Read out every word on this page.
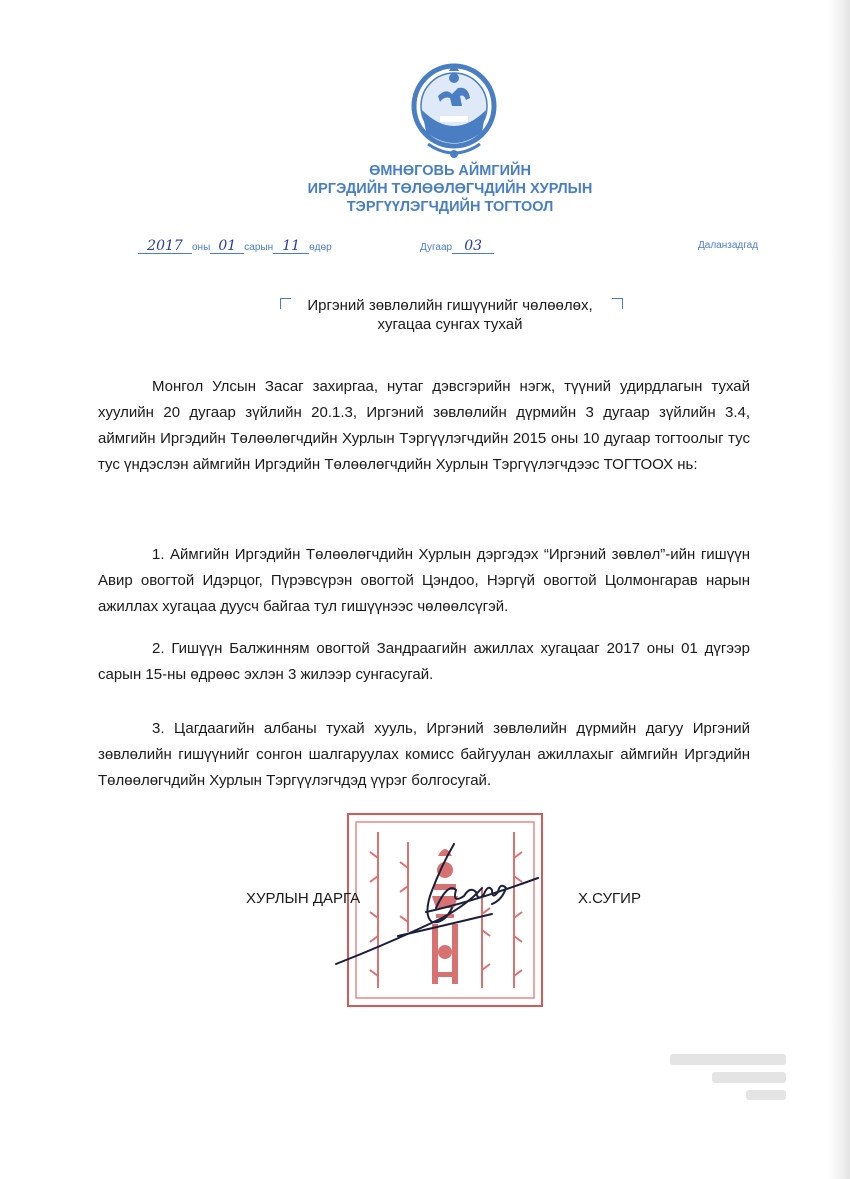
ӨМНӨГОВЬ АЙМГИЙН
ИРГЭДИЙН ТӨЛӨӨЛӨГЧДИЙН ХУРЛЫН
ТЭРГҮҮЛЭГЧДИЙН ТОГТООЛ
2017 оны 01 сарын 11 өдөр	Дугаар 03	Даланзадгад
Иргэний зөвлөлийн гишүүнийг чөлөөлөх,
хугацаа сунгах тухай
Монгол Улсын Засаг захиргаа, нутаг дэвсгэрийн нэгж, түүний удирдлагын тухай хуулийн 20 дугаар зүйлийн 20.1.3, Иргэний зөвлөлийн дүрмийн 3 дугаар зүйлийн 3.4, аймгийн Иргэдийн Төлөөлөгчдийн Хурлын Тэргүүлэгчдийн 2015 оны 10 дугаар тогтоолыг тус тус үндэслэн аймгийн Иргэдийн Төлөөлөгчдийн Хурлын Тэргүүлэгчдээс ТОГТООХ нь:
1. Аймгийн Иргэдийн Төлөөлөгчдийн Хурлын дэргэдэх “Иргэний зөвлөл”-ийн гишүүн Авир овогтой Идэрцог, Пүрэвсүрэн овогтой Цэндоо, Нэргүй овогтой Цолмонгарав нарын ажиллах хугацаа дуусч байгаа тул гишүүнээс чөлөөлсүгэй.
2. Гишүүн Балжинням овогтой Зандраагийн ажиллах хугацааг 2017 оны 01 дүгээр сарын 15-ны өдрөөс эхлэн 3 жилээр сунгасугай.
3. Цагдаагийн албаны тухай хууль, Иргэний зөвлөлийн дүрмийн дагуу Иргэний зөвлөлийн гишүүнийг сонгон шалгаруулах комисс байгуулан ажиллахыг аймгийн Иргэдийн Төлөөлөгчдийн Хурлын Тэргүүлэгчдэд үүрэг болгосугай.
ХУРЛЫН ДАРГА	Х.СУГИР
